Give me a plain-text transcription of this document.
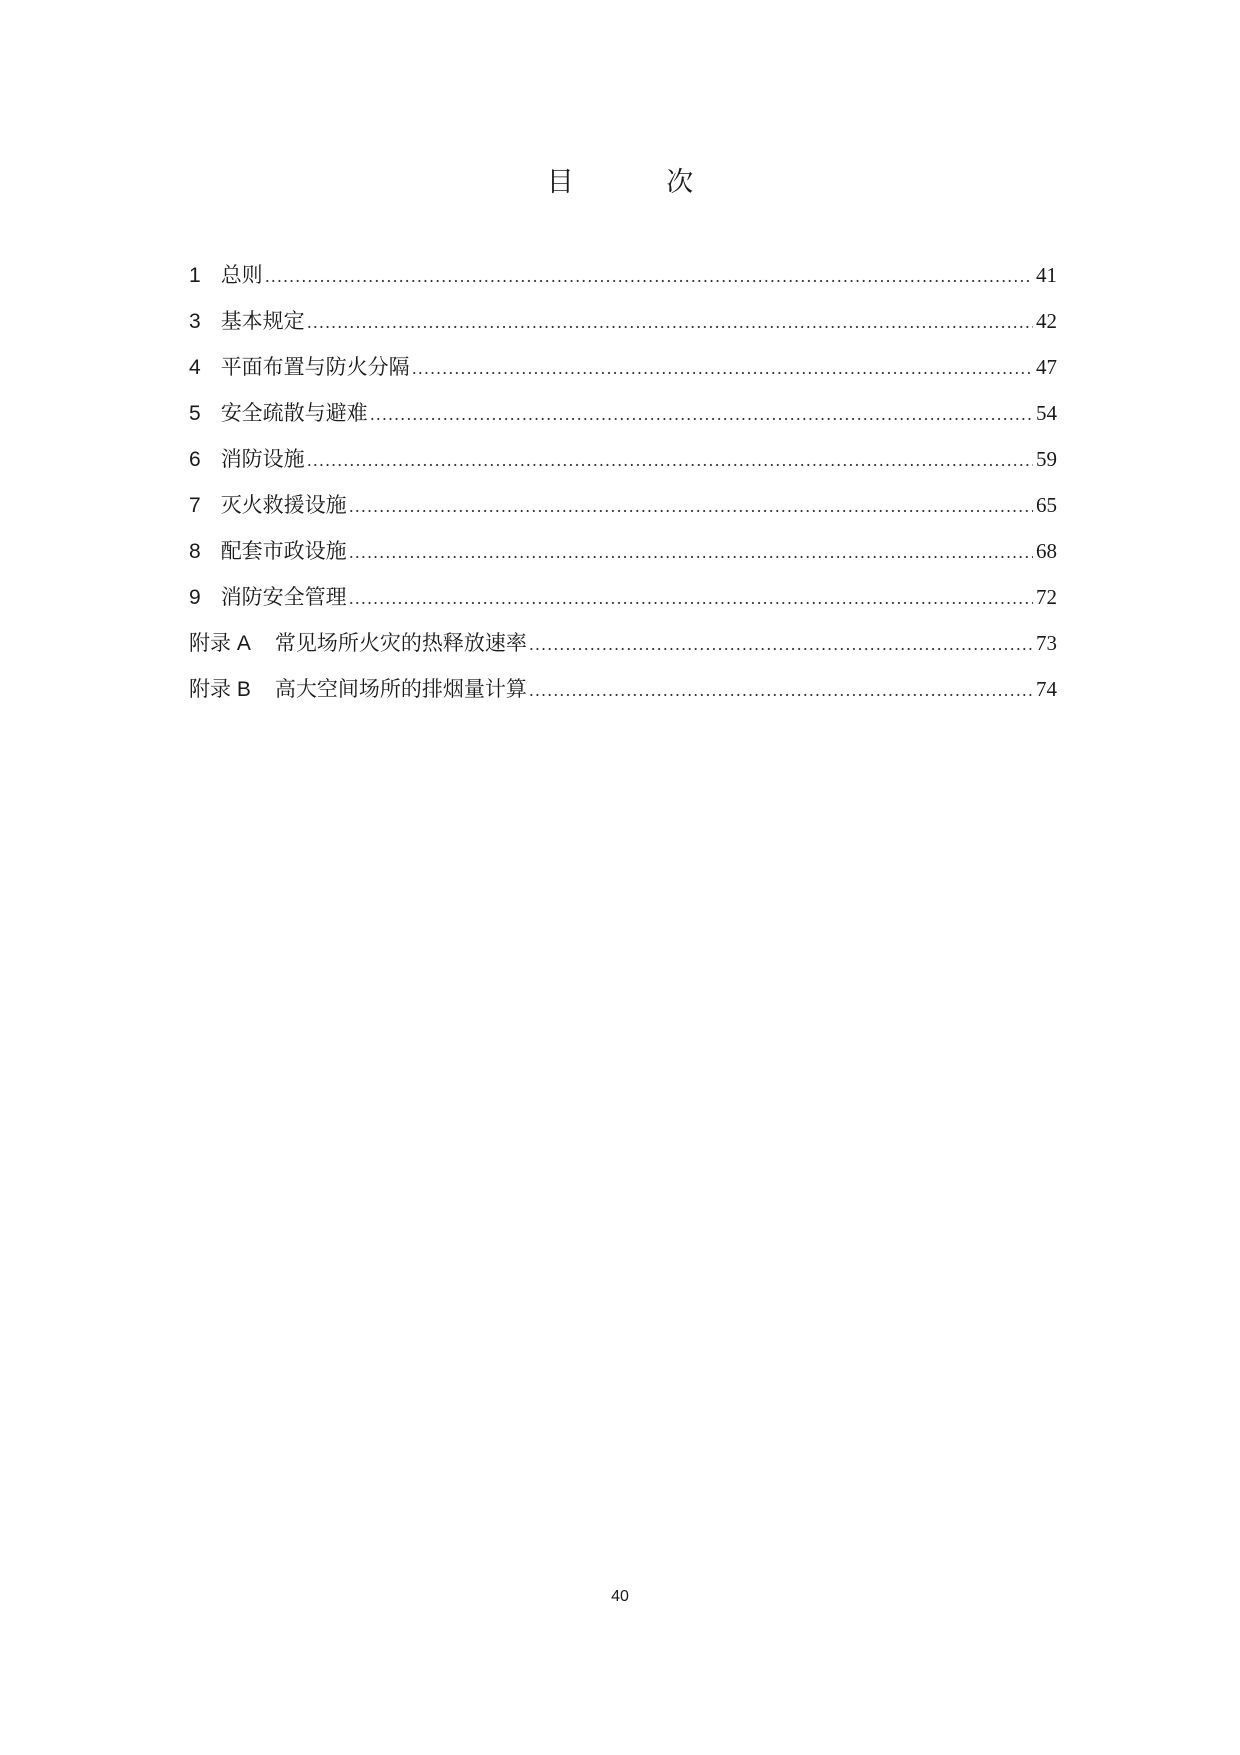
目 次
1 总则 .....	41
3 基本规定 .....	42
4 平面布置与防火分隔 .....	47
5 安全疏散与避难 .....	54
6 消防设施 .....	59
7 灭火救援设施 .....	65
8 配套市政设施 .....	68
9 消防安全管理 .....	72
附录 A 常见场所火灾的热释放速率 .....	73
附录 B 高大空间场所的排烟量计算 .....	74
40
